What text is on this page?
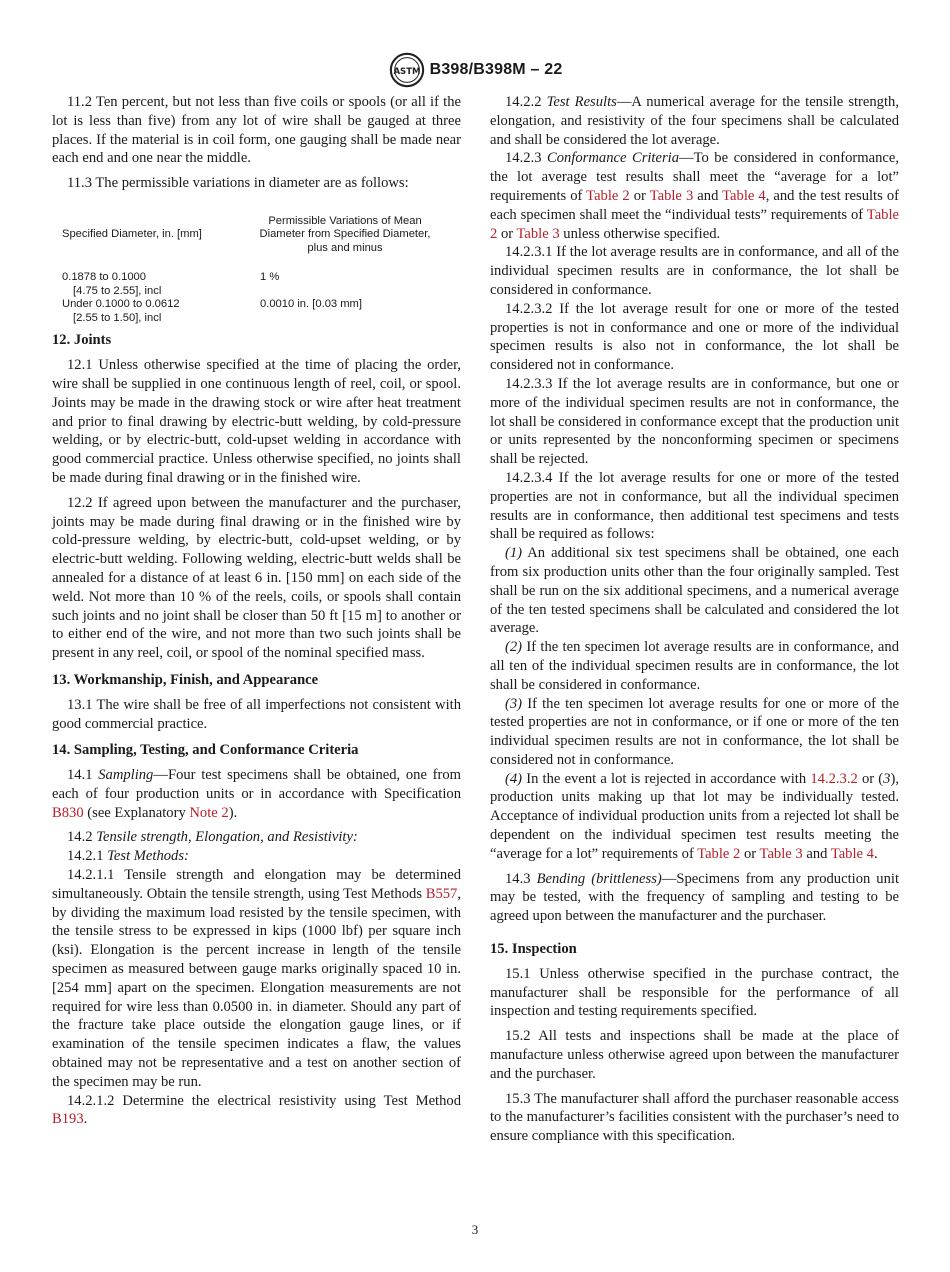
ASTM B398/B398M – 22

11.2 Ten percent, but not less than five coils or spools (or all if the lot is less than five) from any lot of wire shall be gauged at three places. If the material is in coil form, one gauging shall be made near each end and one near the middle.

11.3 The permissible variations in diameter are as follows:

Specified Diameter, in. [mm]
Permissible Variations of Mean Diameter from Specified Diameter, plus and minus
0.1878 to 0.1000
[4.75 to 2.55], incl
1 %
Under 0.1000 to 0.0612
[2.55 to 1.50], incl
0.0010 in. [0.03 mm]

12. Joints

12.1 Unless otherwise specified at the time of placing the order, wire shall be supplied in one continuous length of reel, coil, or spool. Joints may be made in the drawing stock or wire after heat treatment and prior to final drawing by electric-butt welding, by cold-pressure welding, or by electric-butt, cold-upset welding in accordance with good commercial practice. Unless otherwise specified, no joints shall be made during final drawing or in the finished wire.

12.2 If agreed upon between the manufacturer and the purchaser, joints may be made during final drawing or in the finished wire by cold-pressure welding, by electric-butt, cold-upset welding, or by electric-butt welding. Following welding, electric-butt welds shall be annealed for a distance of at least 6 in. [150 mm] on each side of the weld. Not more than 10 % of the reels, coils, or spools shall contain such joints and no joint shall be closer than 50 ft [15 m] to another or to either end of the wire, and not more than two such joints shall be present in any reel, coil, or spool of the nominal specified mass.

13. Workmanship, Finish, and Appearance

13.1 The wire shall be free of all imperfections not consistent with good commercial practice.

14. Sampling, Testing, and Conformance Criteria

14.1 Sampling—Four test specimens shall be obtained, one from each of four production units or in accordance with Specification B830 (see Explanatory Note 2).

14.2 Tensile strength, Elongation, and Resistivity:

14.2.1 Test Methods:

14.2.1.1 Tensile strength and elongation may be determined simultaneously. Obtain the tensile strength, using Test Methods B557, by dividing the maximum load resisted by the tensile specimen, with the tensile stress to be expressed in kips (1000 lbf) per square inch (ksi). Elongation is the percent increase in length of the tensile specimen as measured between gauge marks originally spaced 10 in. [254 mm] apart on the specimen. Elongation measurements are not required for wire less than 0.0500 in. in diameter. Should any part of the fracture take place outside the elongation gauge lines, or if examination of the tensile specimen indicates a flaw, the values obtained may not be representative and a test on another section of the specimen may be run.

14.2.1.2 Determine the electrical resistivity using Test Method B193.

14.2.2 Test Results—A numerical average for the tensile strength, elongation, and resistivity of the four specimens shall be calculated and shall be considered the lot average.

14.2.3 Conformance Criteria—To be considered in conformance, the lot average test results shall meet the “average for a lot” requirements of Table 2 or Table 3 and Table 4, and the test results of each specimen shall meet the “individual tests” requirements of Table 2 or Table 3 unless otherwise specified.

14.2.3.1 If the lot average results are in conformance, and all of the individual specimen results are in conformance, the lot shall be considered in conformance.

14.2.3.2 If the lot average result for one or more of the tested properties is not in conformance and one or more of the individual specimen results is also not in conformance, the lot shall be considered not in conformance.

14.2.3.3 If the lot average results are in conformance, but one or more of the individual specimen results are not in conformance, the lot shall be considered in conformance except that the production unit or units represented by the nonconforming specimen or specimens shall be rejected.

14.2.3.4 If the lot average results for one or more of the tested properties are not in conformance, but all the individual specimen results are in conformance, then additional test specimens and tests shall be required as follows:

(1) An additional six test specimens shall be obtained, one each from six production units other than the four originally sampled. Test shall be run on the six additional specimens, and a numerical average of the ten tested specimens shall be calculated and considered the lot average.

(2) If the ten specimen lot average results are in conformance, and all ten of the individual specimen results are in conformance, the lot shall be considered in conformance.

(3) If the ten specimen lot average results for one or more of the tested properties are not in conformance, or if one or more of the ten individual specimen results are not in conformance, the lot shall be considered not in conformance.

(4) In the event a lot is rejected in accordance with 14.2.3.2 or (3), production units making up that lot may be individually tested. Acceptance of individual production units from a rejected lot shall be dependent on the individual specimen test results meeting the “average for a lot” requirements of Table 2 or Table 3 and Table 4.

14.3 Bending (brittleness)—Specimens from any production unit may be tested, with the frequency of sampling and testing to be agreed upon between the manufacturer and the purchaser.

15. Inspection

15.1 Unless otherwise specified in the purchase contract, the manufacturer shall be responsible for the performance of all inspection and testing requirements specified.

15.2 All tests and inspections shall be made at the place of manufacture unless otherwise agreed upon between the manufacturer and the purchaser.

15.3 The manufacturer shall afford the purchaser reasonable access to the manufacturer’s facilities consistent with the purchaser’s need to ensure compliance with this specification.

3
